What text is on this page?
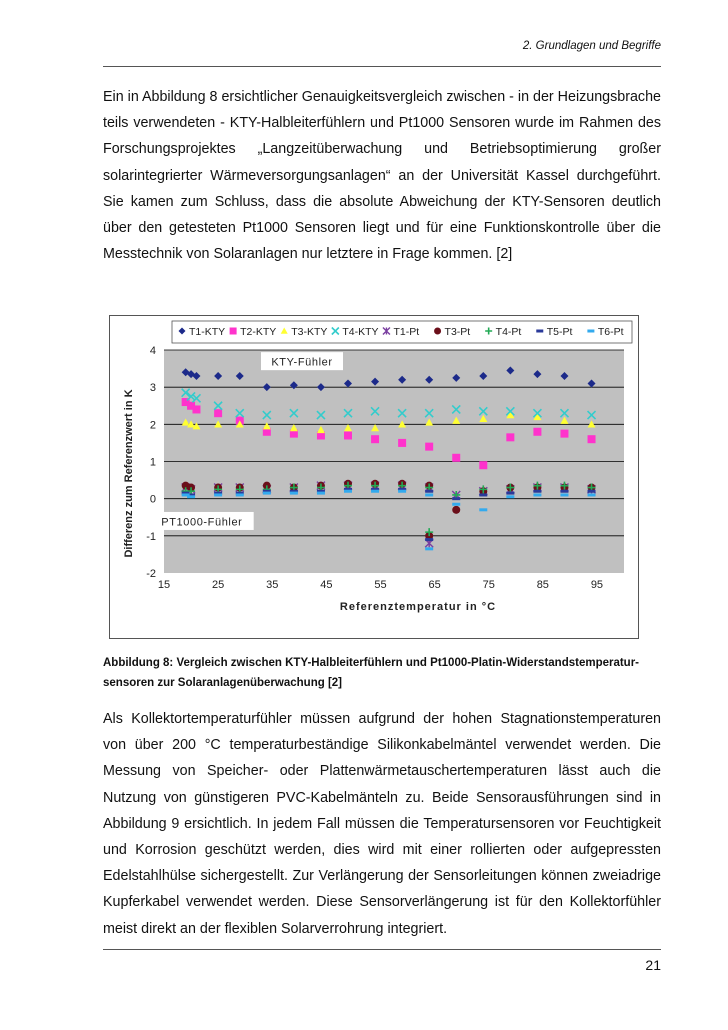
2. Grundlagen und Begriffe

Ein in Abbildung 8 ersichtlicher Genauigkeitsvergleich zwischen - in der Heizungsbrache teils verwendeten - KTY-Halbleiterfühlern und Pt1000 Sensoren wurde im Rahmen des Forschungsprojektes „Langzeitüberwachung und Betriebsoptimierung großer solarintegrierter Wärmeversorgungsanlagen“ an der Universität Kassel durchgeführt. Sie kamen zum Schluss, dass die absolute Abweichung der KTY-Sensoren deutlich über den getesteten Pt1000 Sensoren liegt und für eine Funktionskontrolle über die Messtechnik von Solaranlagen nur letztere in Frage kommen. [2]

-2
-1
0
1
2
3
4
15	25	35	45	55	65	75	85	95
Referenztemperatur in °C
Differenz zum Referenzwert in K
KTY-Fühler
PT1000-Fühler
T1-KTY T2-KTY T3-KTY T4-KTY T1-Pt T3-Pt T4-Pt T5-Pt T6-Pt

Abbildung 8: Vergleich zwischen KTY-Halbleiterfühlern und Pt1000-Platin-Widerstandstemperatur-sensoren zur Solaranlagenüberwachung [2]

Als Kollektortemperaturfühler müssen aufgrund der hohen Stagnationstemperaturen von über 200 °C temperaturbeständige Silikonkabelmäntel verwendet werden. Die Messung von Speicher- oder Plattenwärmetauschertemperaturen lässt auch die Nutzung von günstigeren PVC-Kabelmänteln zu. Beide Sensorausführungen sind in Abbildung 9 ersichtlich. In jedem Fall müssen die Temperatursensoren vor Feuchtigkeit und Korrosion geschützt werden, dies wird mit einer rollierten oder aufgepressten Edelstahlhülse sichergestellt. Zur Verlängerung der Sensorleitungen können zweiadrige Kupferkabel verwendet werden. Diese Sensorverlängerung ist für den Kollektorfühler meist direkt an der flexiblen Solarverrohrung integriert.

21
